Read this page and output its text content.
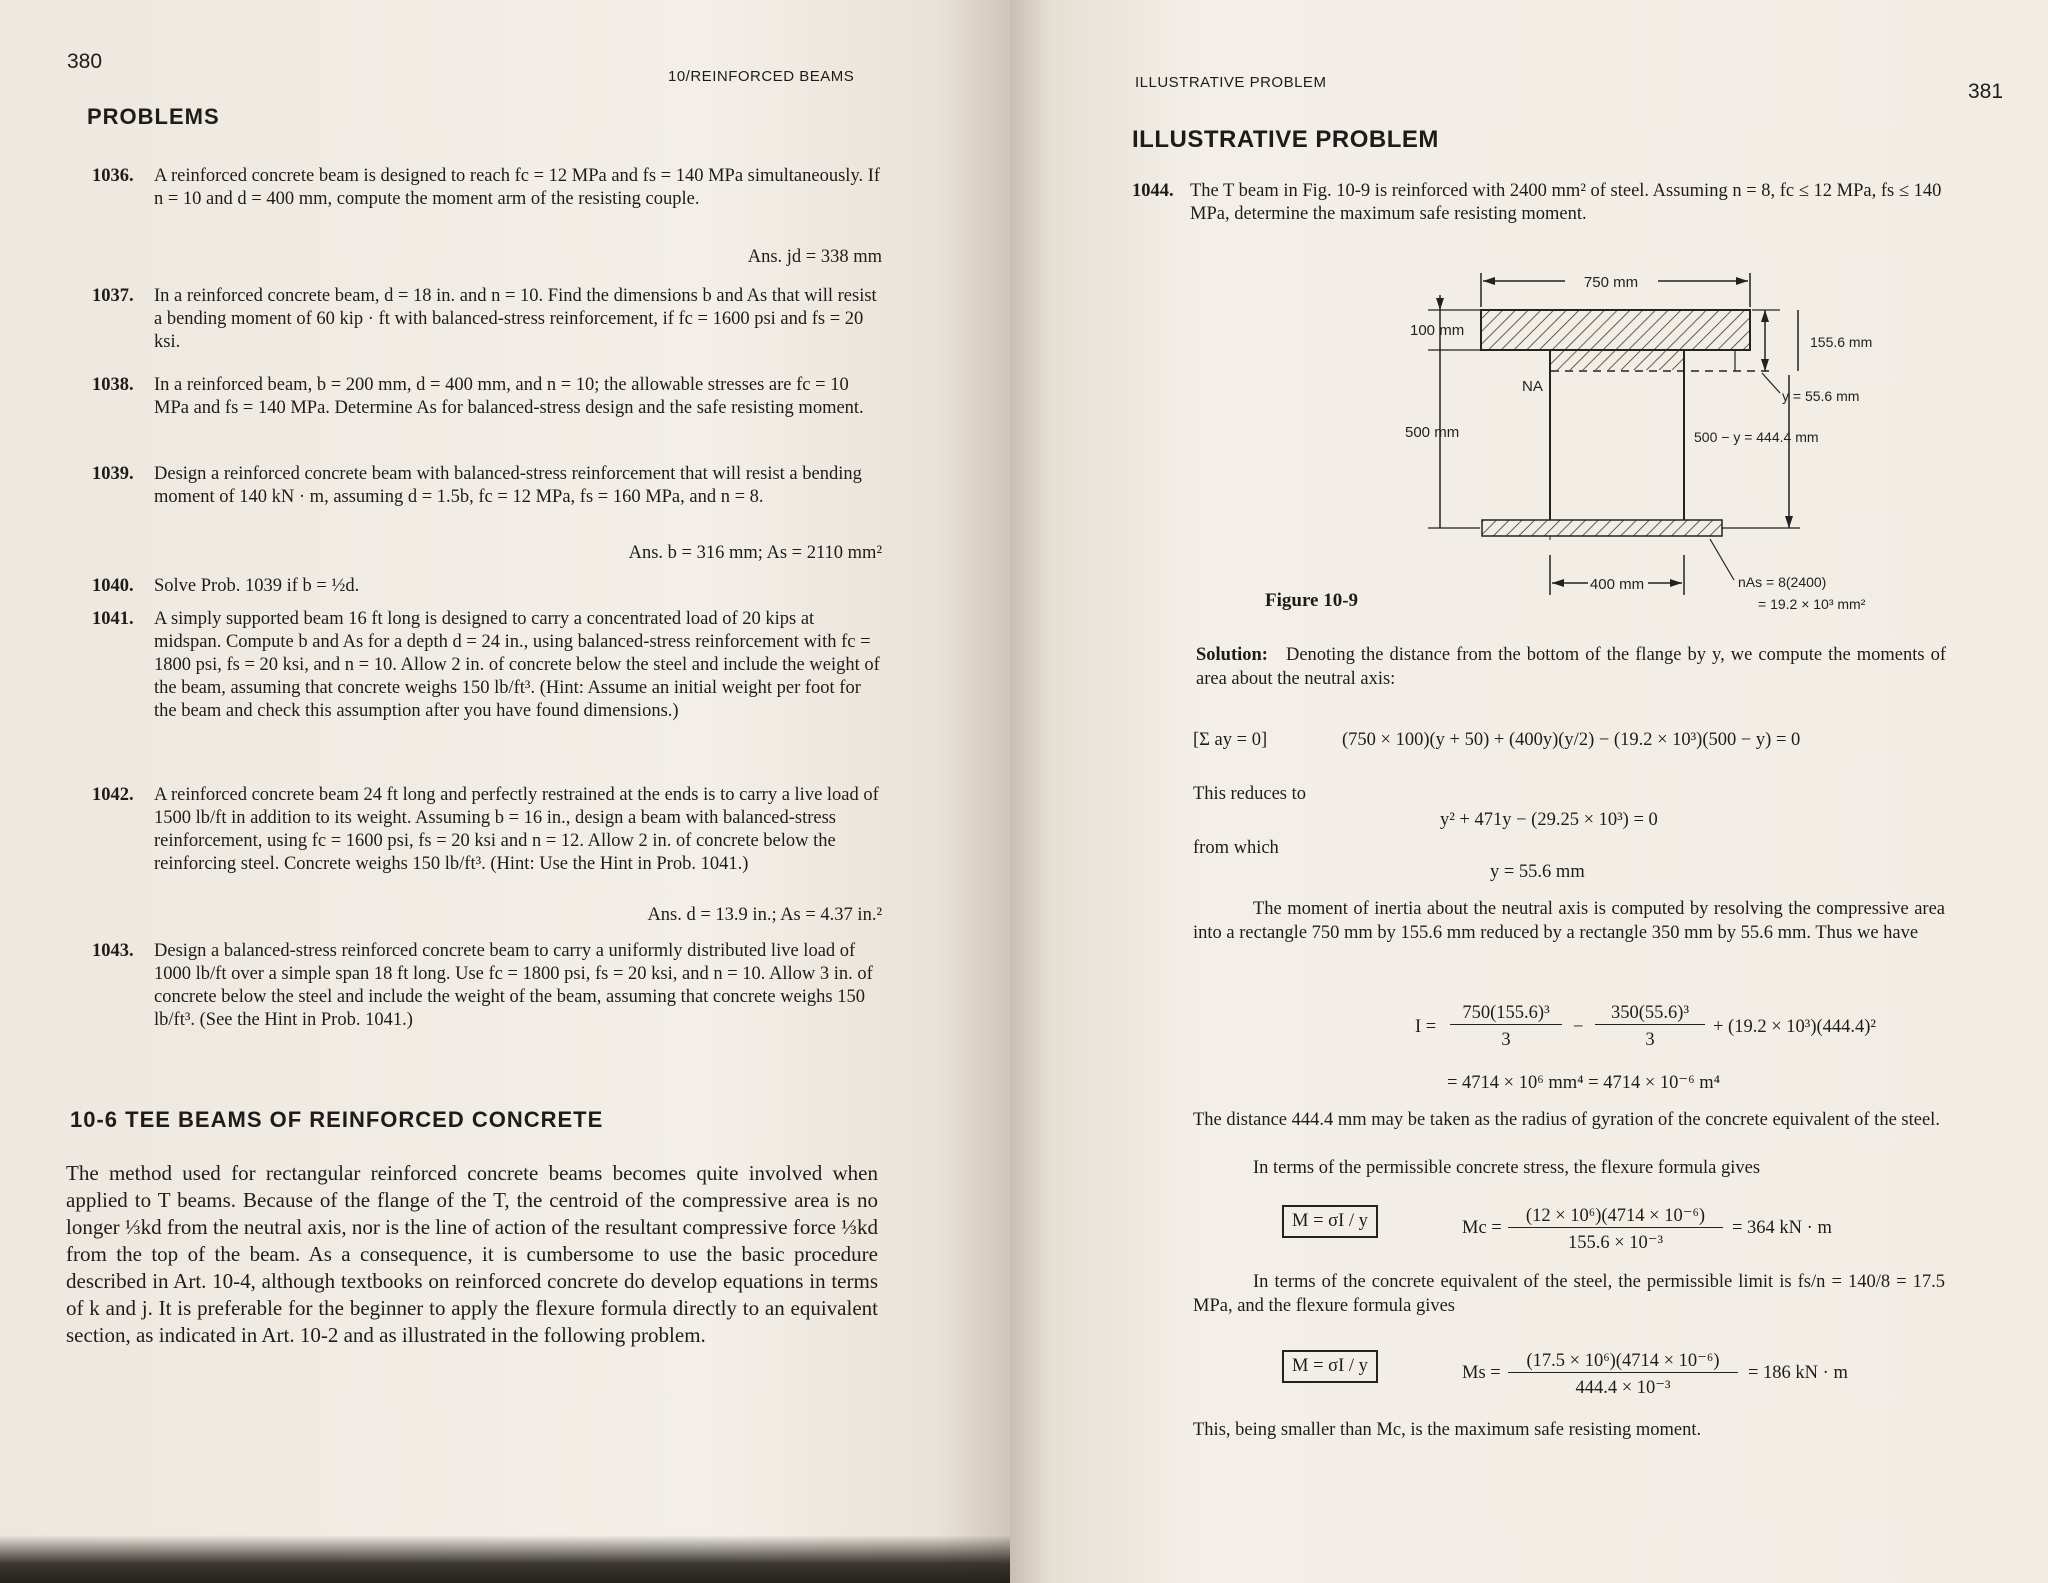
380
10/REINFORCED BEAMS
PROBLEMS
1036. A reinforced concrete beam is designed to reach fc = 12 MPa and fs = 140 MPa simultaneously. If n = 10 and d = 400 mm, compute the moment arm of the resisting couple.
Ans. jd = 338 mm
1037. In a reinforced concrete beam, d = 18 in. and n = 10. Find the dimensions b and As that will resist a bending moment of 60 kip · ft with balanced-stress reinforcement, if fc = 1600 psi and fs = 20 ksi.
1038. In a reinforced beam, b = 200 mm, d = 400 mm, and n = 10; the allowable stresses are fc = 10 MPa and fs = 140 MPa. Determine As for balanced-stress design and the safe resisting moment.
1039. Design a reinforced concrete beam with balanced-stress reinforcement that will resist a bending moment of 140 kN · m, assuming d = 1.5b, fc = 12 MPa, fs = 160 MPa, and n = 8.
Ans. b = 316 mm; As = 2110 mm²
1040. Solve Prob. 1039 if b = ½d.
1041. A simply supported beam 16 ft long is designed to carry a concentrated load of 20 kips at midspan. Compute b and As for a depth d = 24 in., using balanced-stress reinforcement with fc = 1800 psi, fs = 20 ksi, and n = 10. Allow 2 in. of concrete below the steel and include the weight of the beam, assuming that concrete weighs 150 lb/ft³. (Hint: Assume an initial weight per foot for the beam and check this assumption after you have found dimensions.)
1042. A reinforced concrete beam 24 ft long and perfectly restrained at the ends is to carry a live load of 1500 lb/ft in addition to its weight. Assuming b = 16 in., design a beam with balanced-stress reinforcement, using fc = 1600 psi, fs = 20 ksi and n = 12. Allow 2 in. of concrete below the reinforcing steel. Concrete weighs 150 lb/ft³. (Hint: Use the Hint in Prob. 1041.)
Ans. d = 13.9 in.; As = 4.37 in.²
1043. Design a balanced-stress reinforced concrete beam to carry a uniformly distributed live load of 1000 lb/ft over a simple span 18 ft long. Use fc = 1800 psi, fs = 20 ksi, and n = 10. Allow 3 in. of concrete below the steel and include the weight of the beam, assuming that concrete weighs 150 lb/ft³. (See the Hint in Prob. 1041.)
10-6 TEE BEAMS OF REINFORCED CONCRETE
The method used for rectangular reinforced concrete beams becomes quite involved when applied to T beams. Because of the flange of the T, the centroid of the compressive area is no longer ⅓kd from the neutral axis, nor is the line of action of the resultant compressive force ⅓kd from the top of the beam. As a consequence, it is cumbersome to use the basic procedure described in Art. 10-4, although textbooks on reinforced concrete do develop equations in terms of k and j. It is preferable for the beginner to apply the flexure formula directly to an equivalent section, as indicated in Art. 10-2 and as illustrated in the following problem.
ILLUSTRATIVE PROBLEM	381
ILLUSTRATIVE PROBLEM
1044. The T beam in Fig. 10-9 is reinforced with 2400 mm² of steel. Assuming n = 8, fc ≤ 12 MPa, fs ≤ 140 MPa, determine the maximum safe resisting moment.
750 mm
NA
100 mm
500 mm
155.6 mm
y = 55.6 mm
500 − y = 444.4 mm
400 mm	nAs = 8(2400)
= 19.2 × 10³ mm²
Figure 10-9
Solution: Denoting the distance from the bottom of the flange by y, we compute the moments of area about the neutral axis:
[Σ ay = 0]	(750 × 100)(y + 50) + (400y)(y/2) − (19.2 × 10³)(500 − y) = 0
This reduces to
y² + 471y − (29.25 × 10³) = 0
from which
y = 55.6 mm
The moment of inertia about the neutral axis is computed by resolving the compressive area into a rectangle 750 mm by 155.6 mm reduced by a rectangle 350 mm by 55.6 mm. Thus we have
I =
750(155.6)³
3
−
350(55.6)³
3
+ (19.2 × 10³)(444.4)²
= 4714 × 10⁶ mm⁴ = 4714 × 10⁻⁶ m⁴
The distance 444.4 mm may be taken as the radius of gyration of the concrete equivalent of the steel.
In terms of the permissible concrete stress, the flexure formula gives
M = σI / y	Mc =
(12 × 10⁶)(4714 × 10⁻⁶)
155.6 × 10⁻³
= 364 kN · m
In terms of the concrete equivalent of the steel, the permissible limit is fs/n = 140/8 = 17.5 MPa, and the flexure formula gives
M = σI / y	Ms =
(17.5 × 10⁶)(4714 × 10⁻⁶)
444.4 × 10⁻³
= 186 kN · m
This, being smaller than Mc, is the maximum safe resisting moment.
